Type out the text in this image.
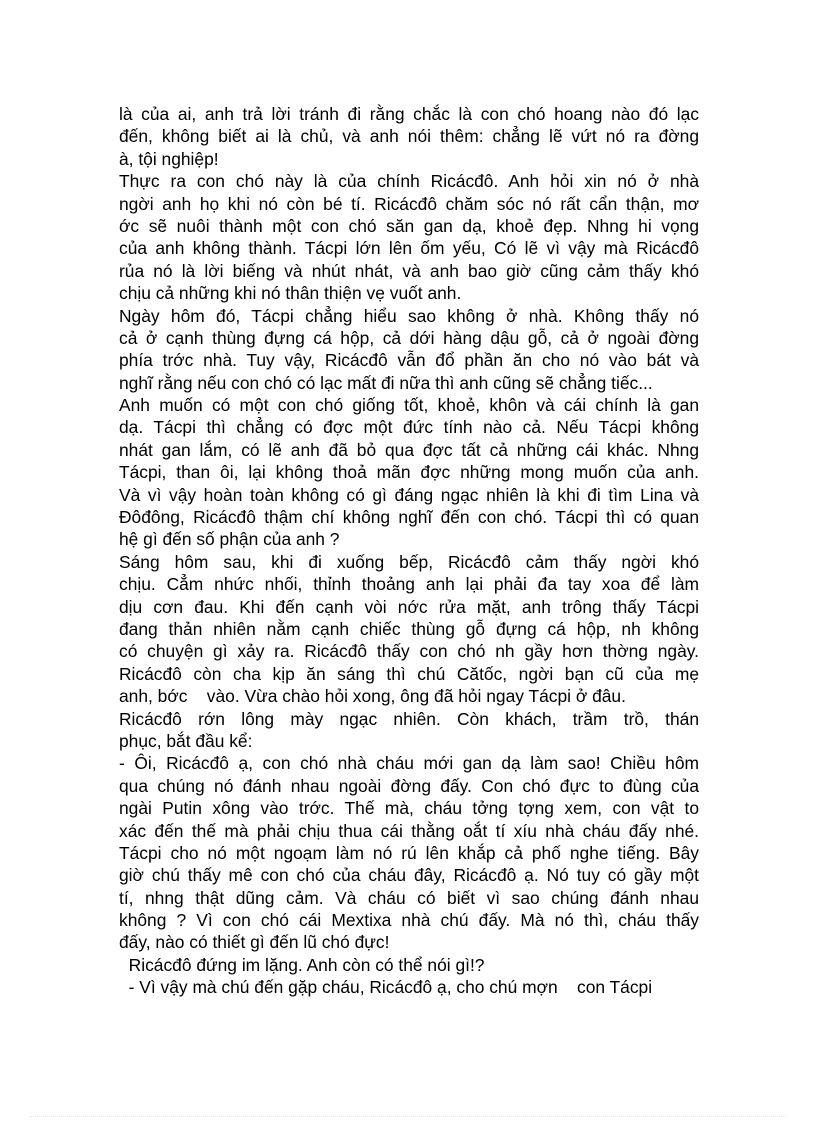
là của ai, anh trả lời tránh đi rằng chắc là con chó hoang nào đó lạc
đến, không biết ai là chủ, và anh nói thêm: chẳng lẽ vứt nó ra đờng
à, tội nghiệp!
Thực ra con chó này là của chính Ricácđô. Anh hỏi xin nó ở nhà
ngời anh họ khi nó còn bé tí. Ricácđô chăm sóc nó rất cẩn thận, mơ
ớc sẽ nuôi thành một con chó săn gan dạ, khoẻ đẹp. Nhng hi vọng
của anh không thành. Tácpi lớn lên ốm yếu, Có lẽ vì vậy mà Ricácđô
rủa nó là lời biếng và nhút nhát, và anh bao giờ cũng cảm thấy khó
chịu cả những khi nó thân thiện vẹ vuốt anh.
Ngày hôm đó, Tácpi chẳng hiểu sao không ở nhà. Không thấy nó
cả ở cạnh thùng đựng cá hộp, cả dới hàng dậu gỗ, cả ở ngoài đờng
phía trớc nhà. Tuy vậy, Ricácđô vẫn đổ phần ăn cho nó vào bát và
nghĩ rằng nếu con chó có lạc mất đi nữa thì anh cũng sẽ chẳng tiếc...
Anh muốn có một con chó giống tốt, khoẻ, khôn và cái chính là gan
dạ. Tácpi thì chẳng có đợc một đức tính nào cả. Nếu Tácpi không
nhát gan lắm, có lẽ anh đã bỏ qua đợc tất cả những cái khác. Nhng
Tácpi, than ôi, lại không thoả mãn đợc những mong muốn của anh.
Và vì vậy hoàn toàn không có gì đáng ngạc nhiên là khi đi tìm Lina và
Đôđông, Ricácđô thậm chí không nghĩ đến con chó. Tácpi thì có quan
hệ gì đến số phận của anh ?
Sáng hôm sau, khi đi xuống bếp, Ricácđô cảm thấy ngời khó
chịu. Cẳm nhức nhối, thỉnh thoảng anh lại phải đa tay xoa để làm
dịu cơn đau. Khi đến cạnh vòi nớc rửa mặt, anh trông thấy Tácpi
đang thản nhiên nằm cạnh chiếc thùng gỗ đựng cá hộp, nh không
có chuyện gì xảy ra. Ricácđô thấy con chó nh gầy hơn thờng ngày.
Ricácđô còn cha kịp ăn sáng thì chú Cătốc, ngời bạn cũ của mẹ
anh, bớc    vào. Vừa chào hỏi xong, ông đã hỏi ngay Tácpi ở đâu.
Ricácđô rớn lông mày ngạc nhiên. Còn khách, trầm trồ, thán
phục, bắt đầu kể:
- Ôi, Ricácđô ạ, con chó nhà cháu mới gan dạ làm sao! Chiều hôm
qua chúng nó đánh nhau ngoài đờng đấy. Con chó đực to đùng của
ngài Putin xông vào trớc. Thế mà, cháu tởng tợng xem, con vật to
xác đến thế mà phải chịu thua cái thằng oắt tí xíu nhà cháu đấy nhé.
Tácpi cho nó một ngoạm làm nó rú lên khắp cả phố nghe tiếng. Bây
giờ chú thấy mê con chó của cháu đây, Ricácđô ạ. Nó tuy có gầy một
tí, nhng thật dũng cảm. Và cháu có biết vì sao chúng đánh nhau
không ? Vì con chó cái Mextixa nhà chú đấy. Mà nó thì, cháu thấy
đấy, nào có thiết gì đến lũ chó đực!
Ricácđô đứng im lặng. Anh còn có thể nói gì!?
- Vì vậy mà chú đến gặp cháu, Ricácđô ạ, cho chú mợn    con Tácpi
